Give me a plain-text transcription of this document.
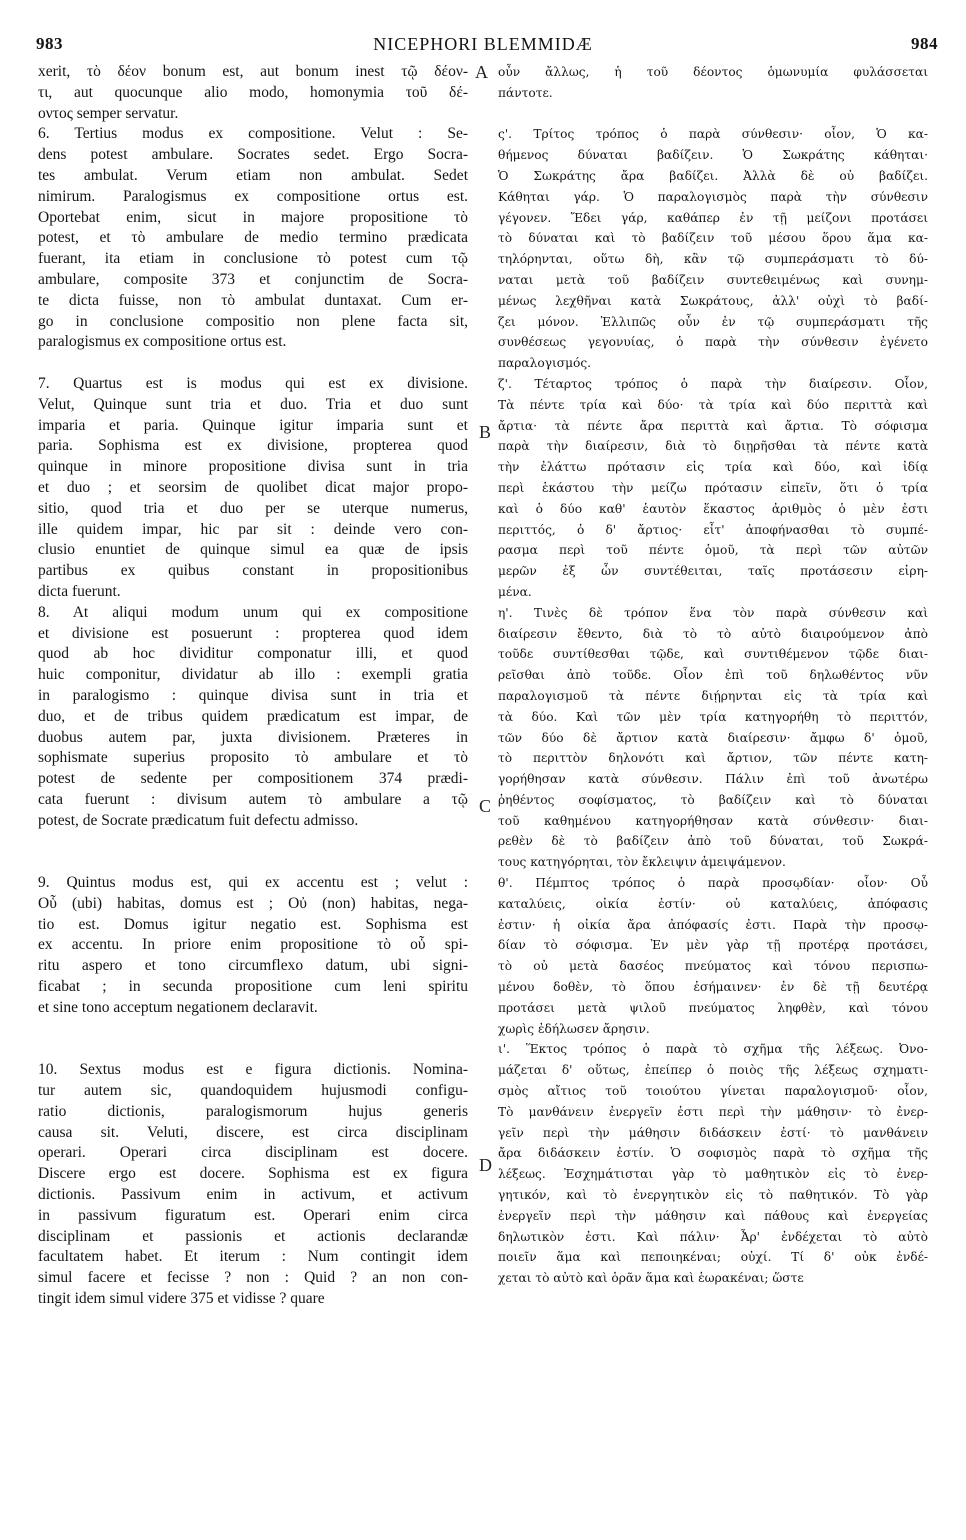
983	NICEPHORI BLEMMIDÆ	984
xerit, τὸ δέον bonum est, aut bonum inest τῷ δέον-
τι, aut quocunque alio modo, homonymia τοῦ δέ-
οντος semper servatur.
6. Tertius modus ex compositione. Velut : Se-
dens potest ambulare. Socrates sedet. Ergo Socra-
tes ambulat. Verum etiam non ambulat. Sedet
nimirum. Paralogismus ex compositione ortus est.
Oportebat enim, sicut in majore propositione τὸ
potest, et τὸ ambulare de medio termino prædicata
fuerant, ita etiam in conclusione τὸ potest cum τῷ
ambulare, composite 373 et conjunctim de Socra-
te dicta fuisse, non τὸ ambulat duntaxat. Cum er-
go in conclusione compositio non plene facta sit,
paralogismus ex compositione ortus est.
7. Quartus est is modus qui est ex divisione.
Velut, Quinque sunt tria et duo. Tria et duo sunt
imparia et paria. Quinque igitur imparia sunt et
paria. Sophisma est ex divisione, propterea quod
quinque in minore propositione divisa sunt in tria
et duo ; et seorsim de quolibet dicat major propo-
sitio, quod tria et duo per se uterque numerus,
ille quidem impar, hic par sit : deinde vero con-
clusio enuntiet de quinque simul ea quæ de ipsis
partibus ex quibus constant in propositionibus
dicta fuerunt.
8. At aliqui modum unum qui ex compositione
et divisione est posuerunt : propterea quod idem
quod ab hoc dividitur componatur illi, et quod
huic componitur, dividatur ab illo : exempli gratia
in paralogismo : quinque divisa sunt in tria et
duo, et de tribus quidem prædicatum est impar, de
duobus autem par, juxta divisionem. Præteres in
sophismate superius proposito τὸ ambulare et τὸ
potest de sedente per compositionem 374 prædi-
cata fuerunt : divisum autem τὸ ambulare a τῷ
potest, de Socrate prædicatum fuit defectu admisso.
9. Quintus modus est, qui ex accentu est ; velut :
Οὗ (ubi) habitas, domus est ; Οὐ (non) habitas, nega-
tio est. Domus igitur negatio est. Sophisma est
ex accentu. In priore enim propositione τὸ οὗ spi-
ritu aspero et tono circumflexo datum, ubi signi-
ficabat ; in secunda propositione cum leni spiritu
et sine tono acceptum negationem declaravit.
10. Sextus modus est e figura dictionis. Nomina-
tur autem sic, quandoquidem hujusmodi configu-
ratio dictionis, paralogismorum hujus generis
causa sit. Veluti, discere, est circa disciplinam
operari. Operari circa disciplinam est docere.
Discere ergo est docere. Sophisma est ex figura
dictionis. Passivum enim in activum, et activum
in passivum figuratum est. Operari enim circa
disciplinam et passionis et actionis declarandæ
facultatem habet. Et iterum : Num contingit idem
simul facere et fecisse ? non : Quid ? an non con-
tingit idem simul videre 375 et vidisse ? quare
οὖν ἄλλως, ἡ τοῦ δέοντος ὁμωνυμία φυλάσσεται
πάντοτε.
ς'. Τρίτος τρόπος ὁ παρὰ σύνθεσιν· οἷον, Ὁ κα-
θήμενος δύναται βαδίζειν. Ὁ Σωκράτης κάθηται·
Ὁ Σωκράτης ἄρα βαδίζει. Ἀλλὰ δὲ οὐ βαδίζει.
Κάθηται γάρ. Ὁ παραλογισμὸς παρὰ τὴν σύνθεσιν
γέγονεν. Ἔδει γάρ, καθάπερ ἐν τῇ μείζονι προτάσει
τὸ δύναται καὶ τὸ βαδίζειν τοῦ μέσου ὅρου ἅμα κα-
τηλόρηνται, οὕτω δὴ, κἂν τῷ συμπεράσματι τὸ δύ-
ναται μετὰ τοῦ βαδίζειν συντεθειμένως καὶ συνημ-
μένως λεχθῆναι κατὰ Σωκράτους, ἀλλ' οὐχὶ τὸ βαδί-
ζει μόνον. Ἐλλιπῶς οὖν ἐν τῷ συμπεράσματι τῆς
συνθέσεως γεγονυίας, ὁ παρὰ τὴν σύνθεσιν ἐγένετο
παραλογισμός.
ζ'. Τέταρτος τρόπος ὁ παρὰ τὴν διαίρεσιν. Οἷον,
Τὰ πέντε τρία καὶ δύο· τὰ τρία καὶ δύο περιττὰ καὶ
ἄρτια· τὰ πέντε ἄρα περιττὰ καὶ ἄρτια. Τὸ σόφισμα
παρὰ τὴν διαίρεσιν, διὰ τὸ διῃρῆσθαι τὰ πέντε κατὰ
τὴν ἐλάττω πρότασιν εἰς τρία καὶ δύο, καὶ ἰδίᾳ
περὶ ἑκάστου τὴν μείζω πρότασιν εἰπεῖν, ὅτι ὁ τρία
καὶ ὁ δύο καθ' ἑαυτὸν ἕκαστος ἀριθμὸς ὁ μὲν ἐστι
περιττός, ὁ δ' ἄρτιος· εἶτ' ἀποφήνασθαι τὸ συμπέ-
ρασμα περὶ τοῦ πέντε ὁμοῦ, τὰ περὶ τῶν αὐτῶν
μερῶν ἐξ ὧν συντέθειται, ταῖς προτάσεσιν εἰρη-
μένα.
η'. Τινὲς δὲ τρόπον ἕνα τὸν παρὰ σύνθεσιν καὶ
διαίρεσιν ἔθεντο, διὰ τὸ τὸ αὐτὸ διαιρούμενον ἀπὸ
τοῦδε συντίθεσθαι τῷδε, καὶ συντιθέμενον τῷδε διαι-
ρεῖσθαι ἀπὸ τοῦδε. Οἷον ἐπὶ τοῦ δηλωθέντος νῦν
παραλογισμοῦ τὰ πέντε διῄρηνται εἰς τὰ τρία καὶ
τὰ δύο. Καὶ τῶν μὲν τρία κατηγορήθη τὸ περιττόν,
τῶν δύο δὲ ἄρτιον κατὰ διαίρεσιν· ἄμφω δ' ὁμοῦ,
τὸ περιττὸν δηλονότι καὶ ἄρτιον, τῶν πέντε κατη-
γορήθησαν κατὰ σύνθεσιν. Πάλιν ἐπὶ τοῦ ἀνωτέρω
ῥηθέντος σοφίσματος, τὸ βαδίζειν καὶ τὸ δύναται
τοῦ καθημένου κατηγορήθησαν κατὰ σύνθεσιν· διαι-
ρεθὲν δὲ τὸ βαδίζειν ἀπὸ τοῦ δύναται, τοῦ Σωκρά-
τους κατηγόρηται, τὸν ἔκλειψιν ἀμειψάμενον.
θ'. Πέμπτος τρόπος ὁ παρὰ προσῳδίαν· οἷον· Οὗ
καταλύεις, οἰκία ἐστίν· οὐ καταλύεις, ἀπόφασις
ἐστιν· ἡ οἰκία ἄρα ἀπόφασίς ἐστι. Παρὰ τὴν προσῳ-
δίαν τὸ σόφισμα. Ἐν μὲν γὰρ τῇ προτέρᾳ προτάσει,
τὸ οὐ μετὰ δασέος πνεύματος καὶ τόνου περισπω-
μένου δοθὲν, τὸ ὅπου ἐσήμαινεν· ἐν δὲ τῇ δευτέρᾳ
προτάσει μετὰ ψιλοῦ πνεύματος ληφθὲν, καὶ τόνου
χωρὶς ἐδήλωσεν ἄρησιν.
ι'. Ἕκτος τρόπος ὁ παρὰ τὸ σχῆμα τῆς λέξεως. Ὀνο-
μάζεται δ' οὕτως, ἐπείπερ ὁ ποιὸς τῆς λέξεως σχηματι-
σμὸς αἴτιος τοῦ τοιούτου γίνεται παραλογισμοῦ· οἷον,
Τὸ μανθάνειν ἐνεργεῖν ἐστι περὶ τὴν μάθησιν· τὸ ἐνερ-
γεῖν περὶ τὴν μάθησιν διδάσκειν ἐστί· τὸ μανθάνειν
ἄρα διδάσκειν ἐστίν. Ὁ σοφισμὸς παρὰ τὸ σχῆμα τῆς
λέξεως. Ἐσχημάτισται γὰρ τὸ μαθητικὸν εἰς τὸ ἐνερ-
γητικόν, καὶ τὸ ἐνεργητικὸν εἰς τὸ παθητικόν. Τὸ γὰρ
ἐνεργεῖν περὶ τὴν μάθησιν καὶ πάθους καὶ ἐνεργείας
δηλωτικὸν ἐστι. Καὶ πάλιν· Ἆρ' ἐνδέχεται τὸ αὐτὸ
ποιεῖν ἅμα καὶ πεποιηκέναι; οὐχί. Τί δ' οὐκ ἐνδέ-
χεται τὸ αὐτὸ καὶ ὁρᾶν ἅμα καὶ ἑωρακέναι; ὥστε
A
B
C
D
